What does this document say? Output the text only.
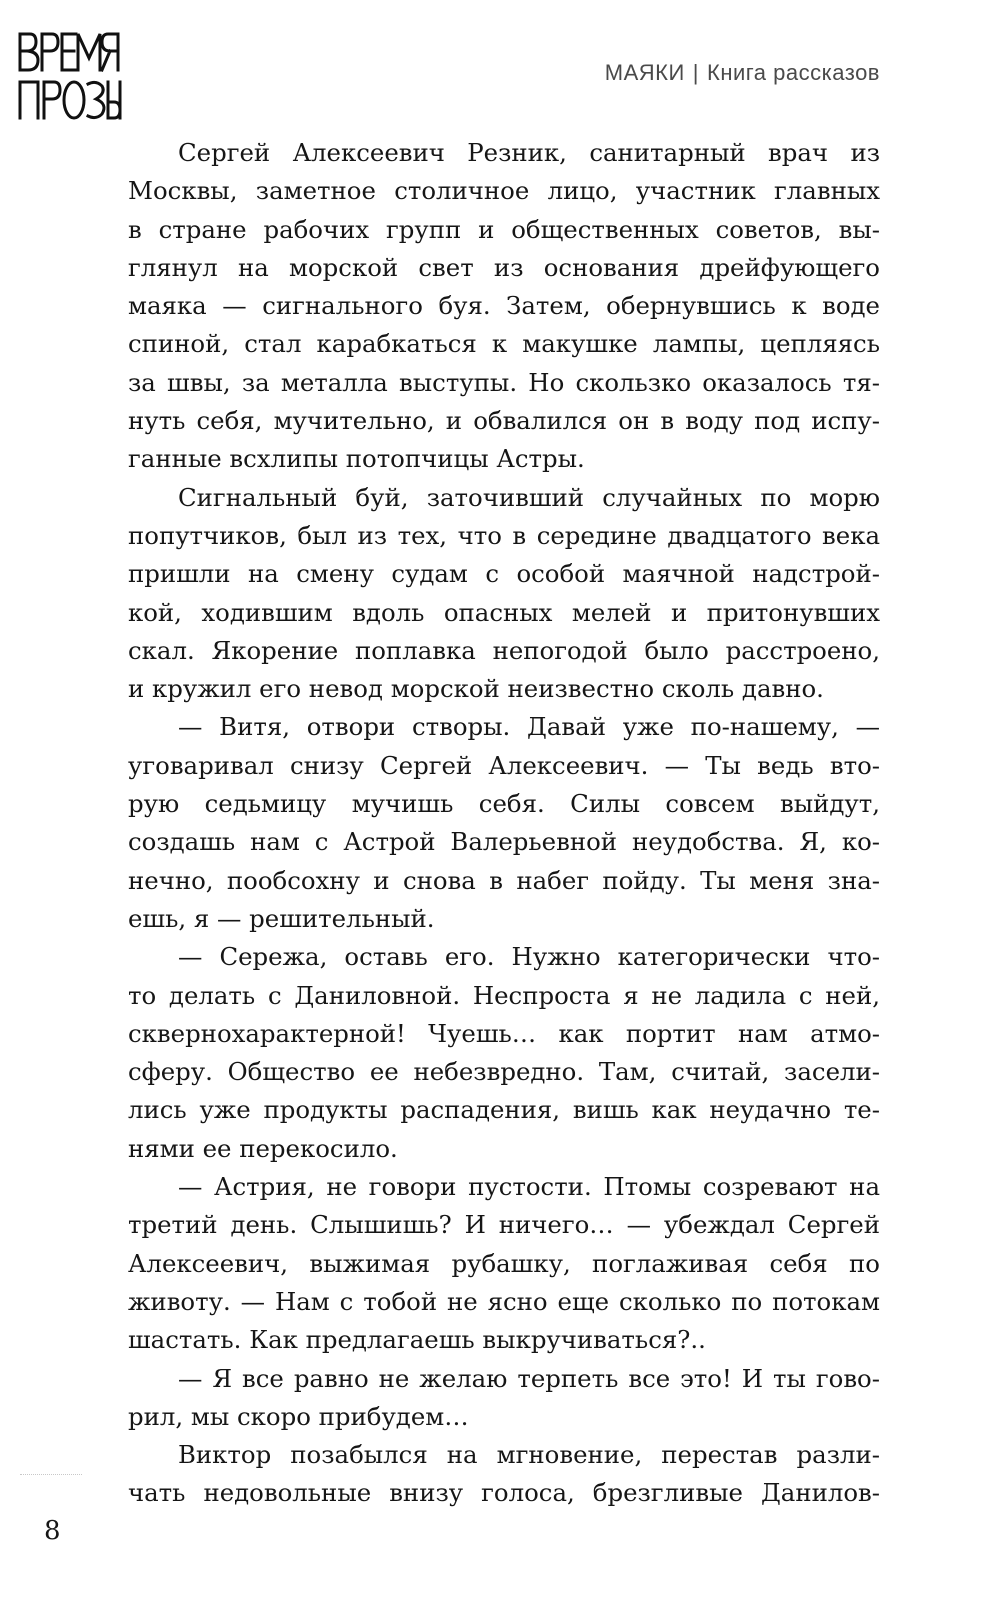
МАЯКИ | Книга рассказов
Сергей Алексеевич Резник, санитарный врач из
Москвы, заметное столичное лицо, участник главных
в стране рабочих групп и общественных советов, вы-
глянул на морской свет из основания дрейфующего
маяка — сигнального буя. Затем, обернувшись к воде
спиной, стал карабкаться к макушке лампы, цепляясь
за швы, за металла выступы. Но скользко оказалось тя-
нуть себя, мучительно, и обвалился он в воду под испу-
ганные всхлипы потопчицы Астры.
Сигнальный буй, заточивший случайных по морю
попутчиков, был из тех, что в середине двадцатого века
пришли на смену судам с особой маячной надстрой-
кой, ходившим вдоль опасных мелей и притонувших
скал. Якорение поплавка непогодой было расстроено,
и кружил его невод морской неизвестно сколь давно.
— Витя, отвори створы. Давай уже по-нашему, —
уговаривал снизу Сергей Алексеевич. — Ты ведь вто-
рую седьмицу мучишь себя. Силы совсем выйдут,
создашь нам с Астрой Валерьевной неудобства. Я, ко-
нечно, пообсохну и снова в набег пойду. Ты меня зна-
ешь, я — решительный.
— Сережа, оставь его. Нужно категорически что-
то делать с Даниловной. Неспроста я не ладила с ней,
сквернохарактерной! Чуешь… как портит нам атмо-
сферу. Общество ее небезвредно. Там, считай, засели-
лись уже продукты распадения, вишь как неудачно те-
нями ее перекосило.
— Астрия, не говори пустости. Птомы созревают на
третий день. Слышишь? И ничего… — убеждал Сергей
Алексеевич, выжимая рубашку, поглаживая себя по
животу. — Нам с тобой не ясно еще сколько по потокам
шастать. Как предлагаешь выкручиваться?..
— Я все равно не желаю терпеть все это! И ты гово-
рил, мы скоро прибудем…
Виктор позабылся на мгновение, перестав разли-
чать недовольные внизу голоса, брезгливые Данилов-
8
